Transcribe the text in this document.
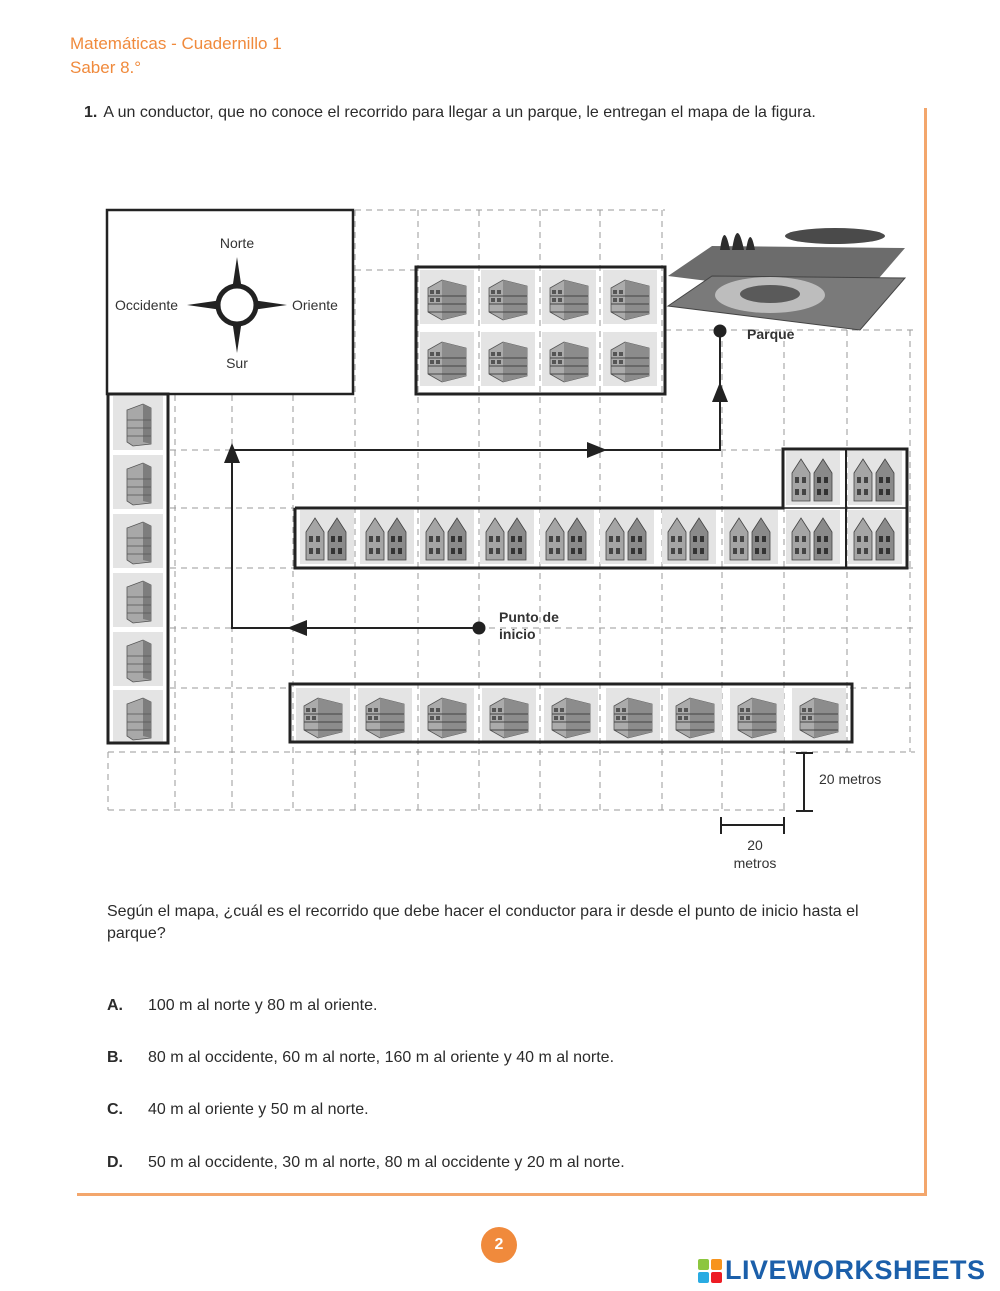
Matemáticas - Cuadernillo 1
Saber 8.°
1. A un conductor, que no conoce el recorrido para llegar a un parque, le entregan el mapa de la figura.
Norte
Sur
Occidente	Oriente
Parque
Punto de
inicio
20 metros
20
metros
Según el mapa, ¿cuál es el recorrido que debe hacer el conductor para ir desde el punto de inicio hasta el parque?
A. 100 m al norte y 80 m al oriente.
B. 80 m al occidente, 60 m al norte, 160 m al oriente y 40 m al norte.
C. 40 m al oriente y 50 m al norte.
D. 50 m al occidente, 30 m al norte, 80 m al occidente y 20 m al norte.
2
LIVEWORKSHEETS
